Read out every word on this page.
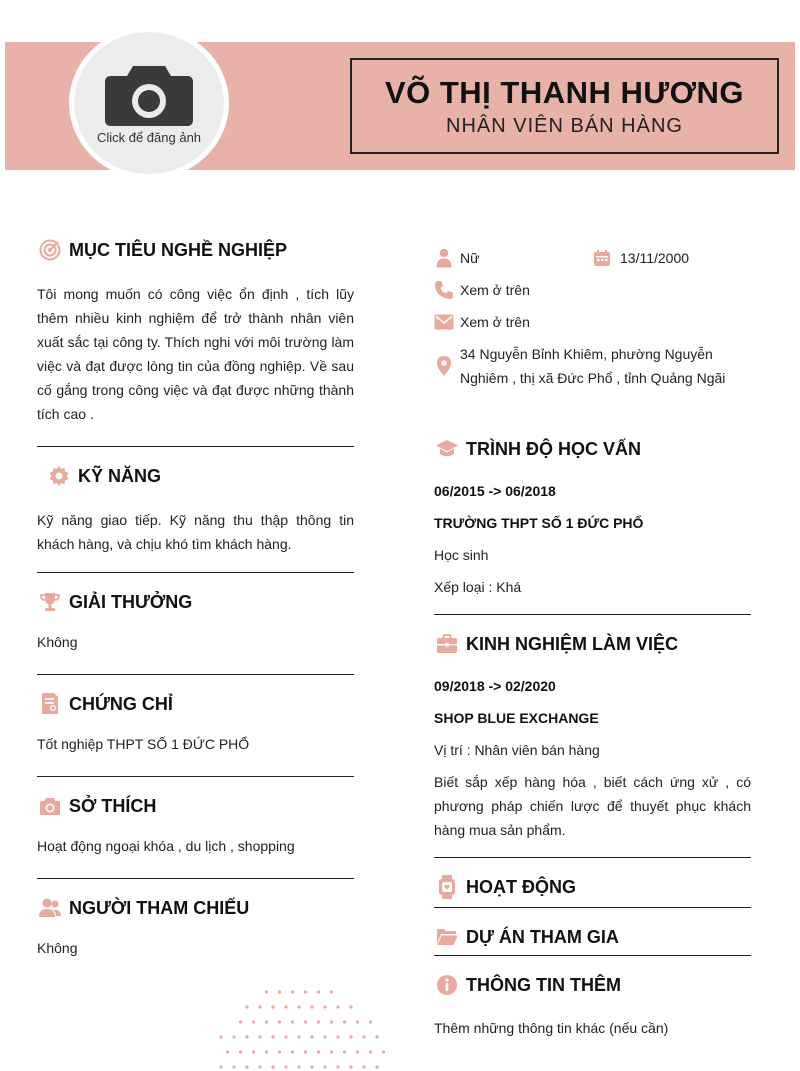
Click để đăng ảnh
VÕ THỊ THANH HƯƠNG
NHÂN VIÊN BÁN HÀNG
MỤC TIÊU NGHỀ NGHIỆP
Tôi mong muốn có công việc ổn định , tích lũy thêm nhiều kinh nghiệm để trở thành nhân viên xuất sắc tại công ty. Thích nghi với môi trường làm việc và đạt được lòng tin của đồng nghiệp. Về sau cố gắng trong công việc và đạt được những thành tích cao .
KỸ NĂNG
Kỹ năng giao tiếp. Kỹ năng thu thập thông tin khách hàng, và chịu khó tìm khách hàng.
GIẢI THƯỞNG
Không
CHỨNG CHỈ
Tốt nghiệp THPT SỐ 1 ĐỨC PHỔ
SỞ THÍCH
Hoạt động ngoại khóa , du lịch , shopping
NGƯỜI THAM CHIẾU
Không
Nữ	13/11/2000
Xem ở trên
Xem ở trên
34 Nguyễn Bỉnh Khiêm, phường Nguyễn Nghiêm , thị xã Đức Phổ , tỉnh Quảng Ngãi
TRÌNH ĐỘ HỌC VẤN
06/2015 -> 06/2018
TRƯỜNG THPT SỐ 1 ĐỨC PHỔ
Học sinh
Xếp loại : Khá
KINH NGHIỆM LÀM VIỆC
09/2018 -> 02/2020
SHOP BLUE EXCHANGE
Vị trí : Nhân viên bán hàng
Biết sắp xếp hàng hóa , biết cách ứng xử , có phương pháp chiến lược để thuyết phục khách hàng mua sản phẩm.
HOẠT ĐỘNG
DỰ ÁN THAM GIA
THÔNG TIN THÊM
Thêm những thông tin khác (nếu cần)
